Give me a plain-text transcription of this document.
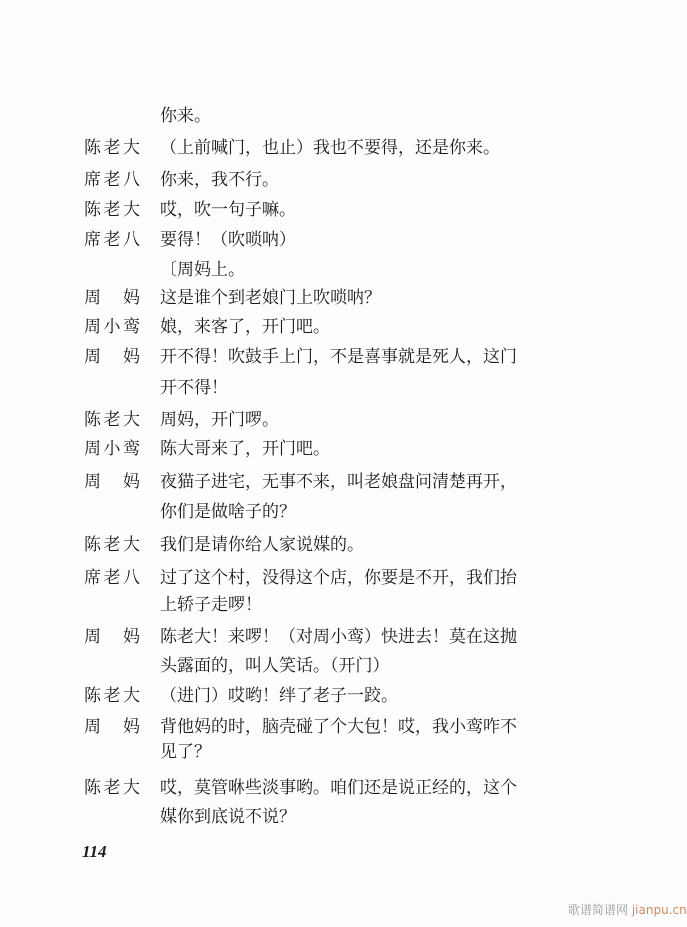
你来。
陈老大 （上前喊门，也止）我也不要得，还是你来。
席老八 你来，我不行。
陈老大 哎，吹一句子嘛。
席老八 要得！（吹唢呐）
〔周妈上。
周妈 这是谁个到老娘门上吹唢呐？
周小鸾 娘，来客了，开门吧。
周妈 开不得！吹鼓手上门，不是喜事就是死人，这门
开不得！
陈老大 周妈，开门啰。
周小鸾 陈大哥来了，开门吧。
周妈 夜猫子进宅，无事不来，叫老娘盘问清楚再开，
你们是做啥子的？
陈老大 我们是请你给人家说媒的。
席老八 过了这个村，没得这个店，你要是不开，我们抬
上轿子走啰！
周妈 陈老大！来啰！（对周小鸾）快进去！莫在这抛
头露面的，叫人笑话。（开门）
陈老大 （进门）哎哟！绊了老子一跤。
周妈 背他妈的时，脑壳碰了个大包！哎，我小鸾咋不
见了？
陈老大 哎，莫管咻些淡事哟。咱们还是说正经的，这个
媒你到底说不说？
114
歌谱简谱网 jianpu.cn
